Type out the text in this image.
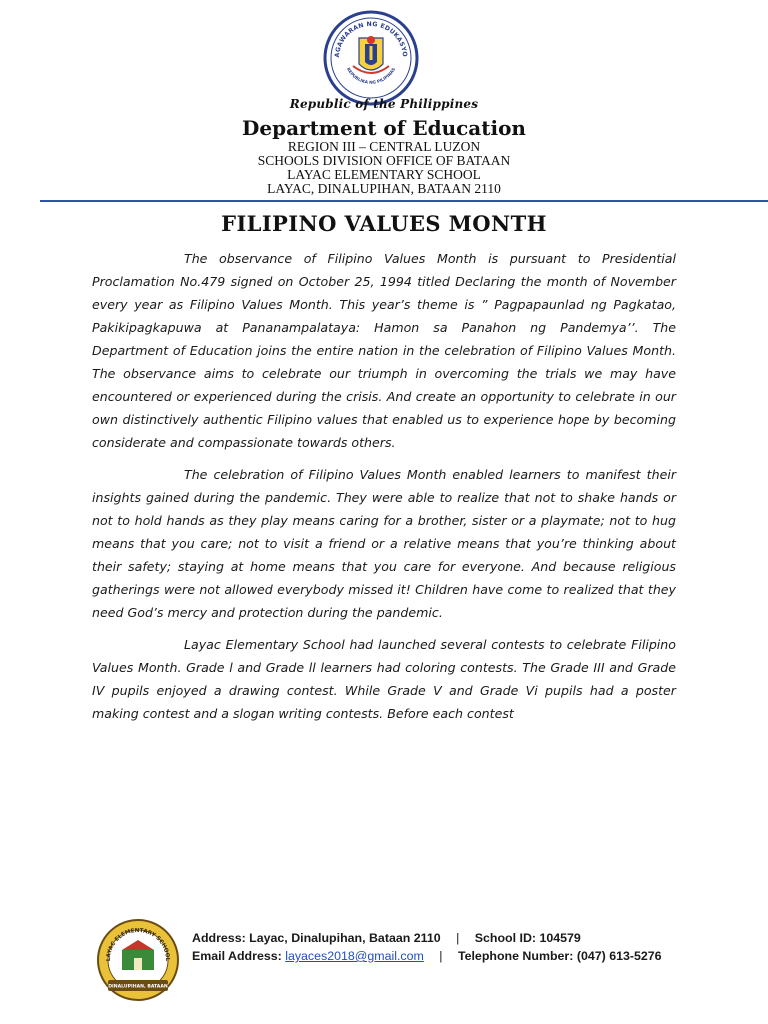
AGAWARAN NG EDUKASYO
REPUBLIKA NG PILIPINAS
Republic of the Philippines
Department of Education
REGION III – CENTRAL LUZON
SCHOOLS DIVISION OFFICE OF BATAAN
LAYAC ELEMENTARY SCHOOL
LAYAC, DINALUPIHAN, BATAAN 2110
FILIPINO VALUES MONTH

The observance of Filipino Values Month is pursuant to Presidential Proclamation No.479 signed on October 25, 1994 titled Declaring the month of November every year as Filipino Values Month. This year’s theme is ” Pagpapaunlad ng Pagkatao, Pakikipagkapuwa at Pananampalataya: Hamon sa Panahon ng Pandemya’’. The Department of Education joins the entire nation in the celebration of Filipino Values Month. The observance aims to celebrate our triumph in overcoming the trials we may have encountered or experienced during the crisis. And create an opportunity to celebrate in our own distinctively authentic Filipino values that enabled us to experience hope by becoming considerate and compassionate towards others.

The celebration of Filipino Values Month enabled learners to manifest their insights gained during the pandemic. They were able to realize that not to shake hands or not to hold hands as they play means caring for a brother, sister or a playmate; not to hug means that you care; not to visit a friend or a relative means that you’re thinking about their safety; staying at home means that you care for everyone. And because religious gatherings were not allowed everybody missed it! Children have come to realized that they need God’s mercy and protection during the pandemic.

Layac Elementary School had launched several contests to celebrate Filipino Values Month. Grade l and Grade ll learners had coloring contests. The Grade III and Grade IV pupils enjoyed a drawing contest. While Grade V and Grade Vi pupils had a poster making contest and a slogan writing contests. Before each contest

LAYAC ELEMENTARY SCHOOL
DINALUPIHAN, BATAAN
Address: Layac, Dinalupihan, Bataan 2110 | School ID: 104579
Email Address: layaces2018@gmail.com | Telephone Number: (047) 613-5276
